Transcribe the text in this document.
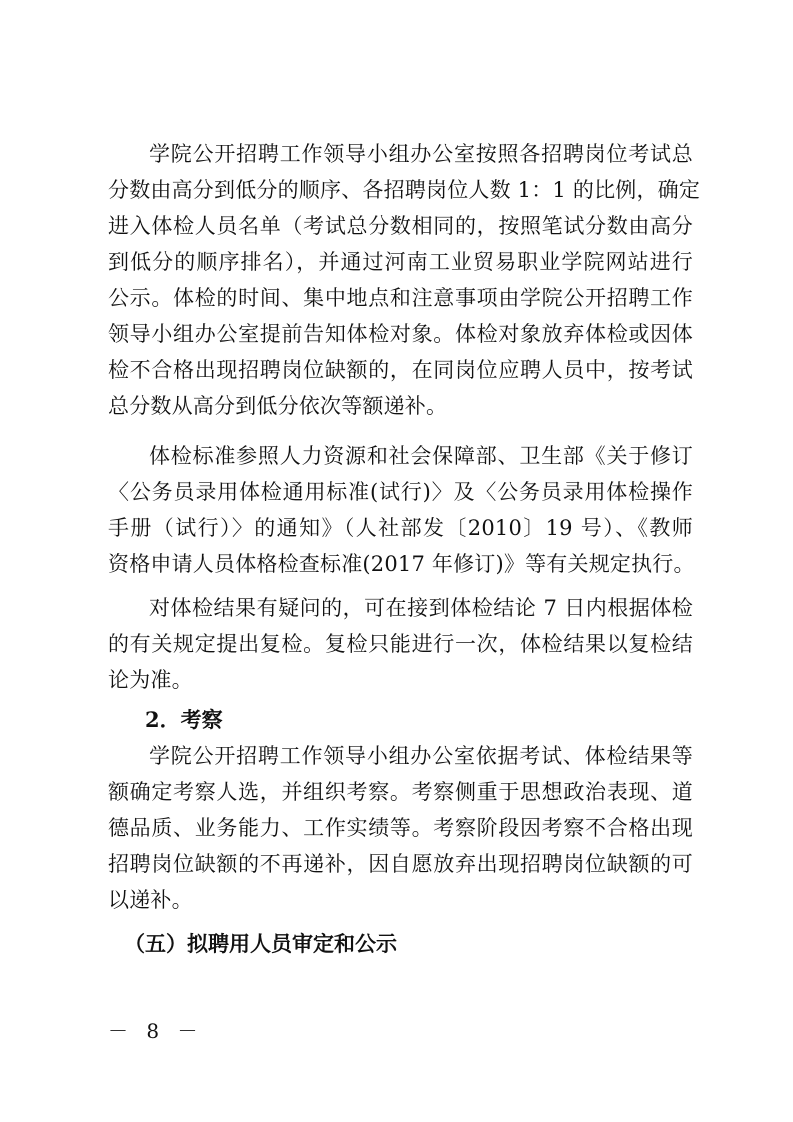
学院公开招聘工作领导小组办公室按照各招聘岗位考试总
分数由高分到低分的顺序、各招聘岗位人数 1：1 的比例，确定
进入体检人员名单（考试总分数相同的，按照笔试分数由高分
到低分的顺序排名），并通过河南工业贸易职业学院网站进行
公示。体检的时间、集中地点和注意事项由学院公开招聘工作
领导小组办公室提前告知体检对象。体检对象放弃体检或因体
检不合格出现招聘岗位缺额的，在同岗位应聘人员中，按考试
总分数从高分到低分依次等额递补。
体检标准参照人力资源和社会保障部、卫生部《关于修订
〈公务员录用体检通用标准(试行)〉及〈公务员录用体检操作
手册（试行）〉的通知》（人社部发〔2010〕19 号）、《教师
资格申请人员体格检查标准(2017 年修订)》等有关规定执行。
对体检结果有疑问的，可在接到体检结论 7 日内根据体检
的有关规定提出复检。复检只能进行一次，体检结果以复检结
论为准。
2．考察
学院公开招聘工作领导小组办公室依据考试、体检结果等
额确定考察人选，并组织考察。考察侧重于思想政治表现、道
德品质、业务能力、工作实绩等。考察阶段因考察不合格出现
招聘岗位缺额的不再递补，因自愿放弃出现招聘岗位缺额的可
以递补。
（五）拟聘用人员审定和公示
－ 8 －
